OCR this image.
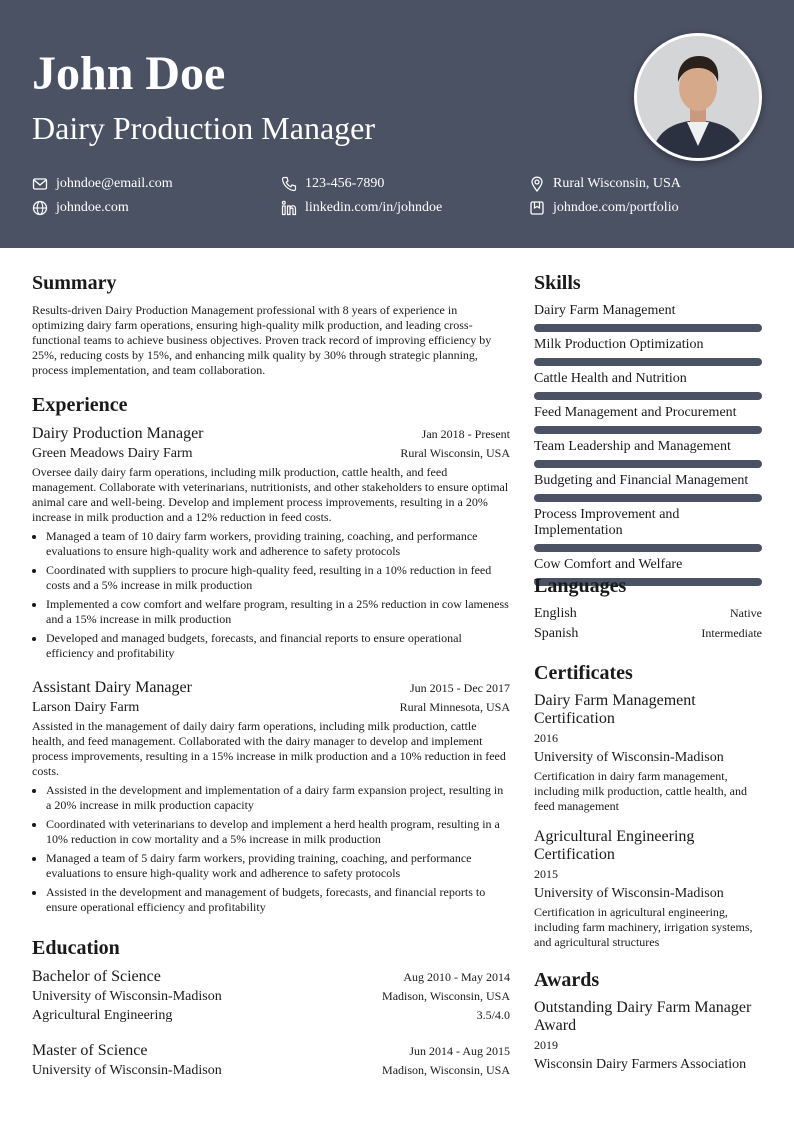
John Doe
Dairy Production Manager
johndoe@email.com	123-456-7890	Rural Wisconsin, USA
johndoe.com	linkedin.com/in/johndoe	johndoe.com/portfolio
Summary

Results-driven Dairy Production Management professional with 8 years of experience in optimizing dairy farm operations, ensuring high-quality milk production, and leading cross-functional teams to achieve business objectives. Proven track record of improving efficiency by 25%, reducing costs by 15%, and enhancing milk quality by 30% through strategic planning, process implementation, and team collaboration.

Experience
Dairy Production Manager	Jan 2018 - Present
Green Meadows Dairy Farm	Rural Wisconsin, USA

Oversee daily dairy farm operations, including milk production, cattle health, and feed management. Collaborate with veterinarians, nutritionists, and other stakeholders to ensure optimal animal care and well-being. Develop and implement process improvements, resulting in a 20% increase in milk production and a 12% reduction in feed costs.

• Managed a team of 10 dairy farm workers, providing training, coaching, and performance evaluations to ensure high-quality work and adherence to safety protocols
• Coordinated with suppliers to procure high-quality feed, resulting in a 10% reduction in feed costs and a 5% increase in milk production
• Implemented a cow comfort and welfare program, resulting in a 25% reduction in cow lameness and a 15% increase in milk production
• Developed and managed budgets, forecasts, and financial reports to ensure operational efficiency and profitability
Assistant Dairy Manager	Jun 2015 - Dec 2017
Larson Dairy Farm	Rural Minnesota, USA

Assisted in the management of daily dairy farm operations, including milk production, cattle health, and feed management. Collaborated with the dairy manager to develop and implement process improvements, resulting in a 15% increase in milk production and a 10% reduction in feed costs.

• Assisted in the development and implementation of a dairy farm expansion project, resulting in a 20% increase in milk production capacity
• Coordinated with veterinarians to develop and implement a herd health program, resulting in a 10% reduction in cow mortality and a 5% increase in milk production
• Managed a team of 5 dairy farm workers, providing training, coaching, and performance evaluations to ensure high-quality work and adherence to safety protocols
• Assisted in the development and management of budgets, forecasts, and financial reports to ensure operational efficiency and profitability
Education
Bachelor of Science	Aug 2010 - May 2014
University of Wisconsin-Madison	Madison, Wisconsin, USA
Agricultural Engineering	3.5/4.0
Master of Science	Jun 2014 - Aug 2015
University of Wisconsin-Madison	Madison, Wisconsin, USA
Skills
Dairy Farm Management
Milk Production Optimization
Cattle Health and Nutrition
Feed Management and Procurement
Team Leadership and Management
Budgeting and Financial Management
Process Improvement and Implementation
Cow Comfort and Welfare
Languages
English	Native
Spanish	Intermediate
Certificates
Dairy Farm Management Certification
2016
University of Wisconsin-Madison
Certification in dairy farm management, including milk production, cattle health, and feed management
Agricultural Engineering Certification
2015
University of Wisconsin-Madison
Certification in agricultural engineering, including farm machinery, irrigation systems, and agricultural structures
Awards
Outstanding Dairy Farm Manager Award
2019
Wisconsin Dairy Farmers Association
